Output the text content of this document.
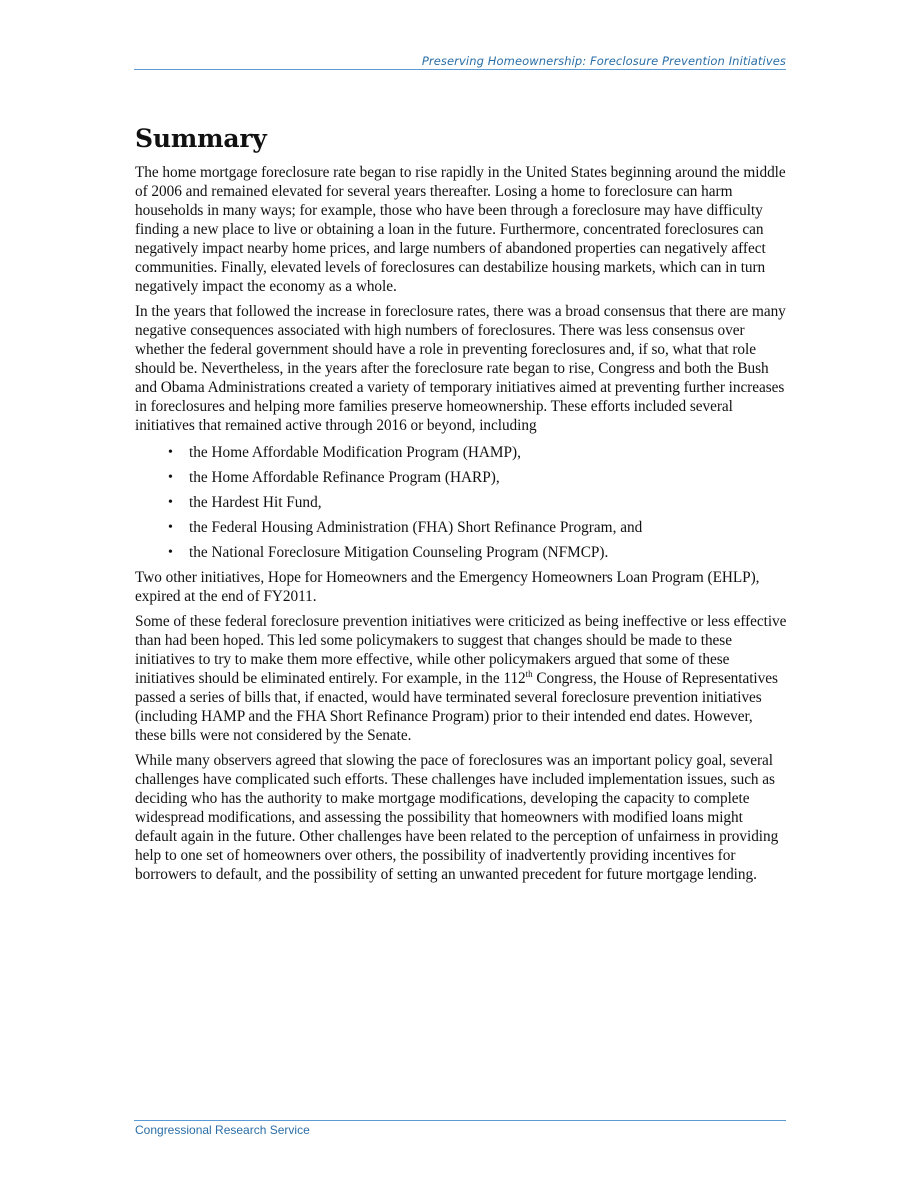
Preserving Homeownership: Foreclosure Prevention Initiatives
Summary

The home mortgage foreclosure rate began to rise rapidly in the United States beginning around the middle of 2006 and remained elevated for several years thereafter. Losing a home to foreclosure can harm households in many ways; for example, those who have been through a foreclosure may have difficulty finding a new place to live or obtaining a loan in the future. Furthermore, concentrated foreclosures can negatively impact nearby home prices, and large numbers of abandoned properties can negatively affect communities. Finally, elevated levels of foreclosures can destabilize housing markets, which can in turn negatively impact the economy as a whole.

In the years that followed the increase in foreclosure rates, there was a broad consensus that there are many negative consequences associated with high numbers of foreclosures. There was less consensus over whether the federal government should have a role in preventing foreclosures and, if so, what that role should be. Nevertheless, in the years after the foreclosure rate began to rise, Congress and both the Bush and Obama Administrations created a variety of temporary initiatives aimed at preventing further increases in foreclosures and helping more families preserve homeownership. These efforts included several initiatives that remained active through 2016 or beyond, including

• the Home Affordable Modification Program (HAMP),
• the Home Affordable Refinance Program (HARP),
• the Hardest Hit Fund,
• the Federal Housing Administration (FHA) Short Refinance Program, and
• the National Foreclosure Mitigation Counseling Program (NFMCP).

Two other initiatives, Hope for Homeowners and the Emergency Homeowners Loan Program (EHLP), expired at the end of FY2011.

Some of these federal foreclosure prevention initiatives were criticized as being ineffective or less effective than had been hoped. This led some policymakers to suggest that changes should be made to these initiatives to try to make them more effective, while other policymakers argued that some of these initiatives should be eliminated entirely. For example, in the 112th Congress, the House of Representatives passed a series of bills that, if enacted, would have terminated several foreclosure prevention initiatives (including HAMP and the FHA Short Refinance Program) prior to their intended end dates. However, these bills were not considered by the Senate.

While many observers agreed that slowing the pace of foreclosures was an important policy goal, several challenges have complicated such efforts. These challenges have included implementation issues, such as deciding who has the authority to make mortgage modifications, developing the capacity to complete widespread modifications, and assessing the possibility that homeowners with modified loans might default again in the future. Other challenges have been related to the perception of unfairness in providing help to one set of homeowners over others, the possibility of inadvertently providing incentives for borrowers to default, and the possibility of setting an unwanted precedent for future mortgage lending.

Congressional Research Service
